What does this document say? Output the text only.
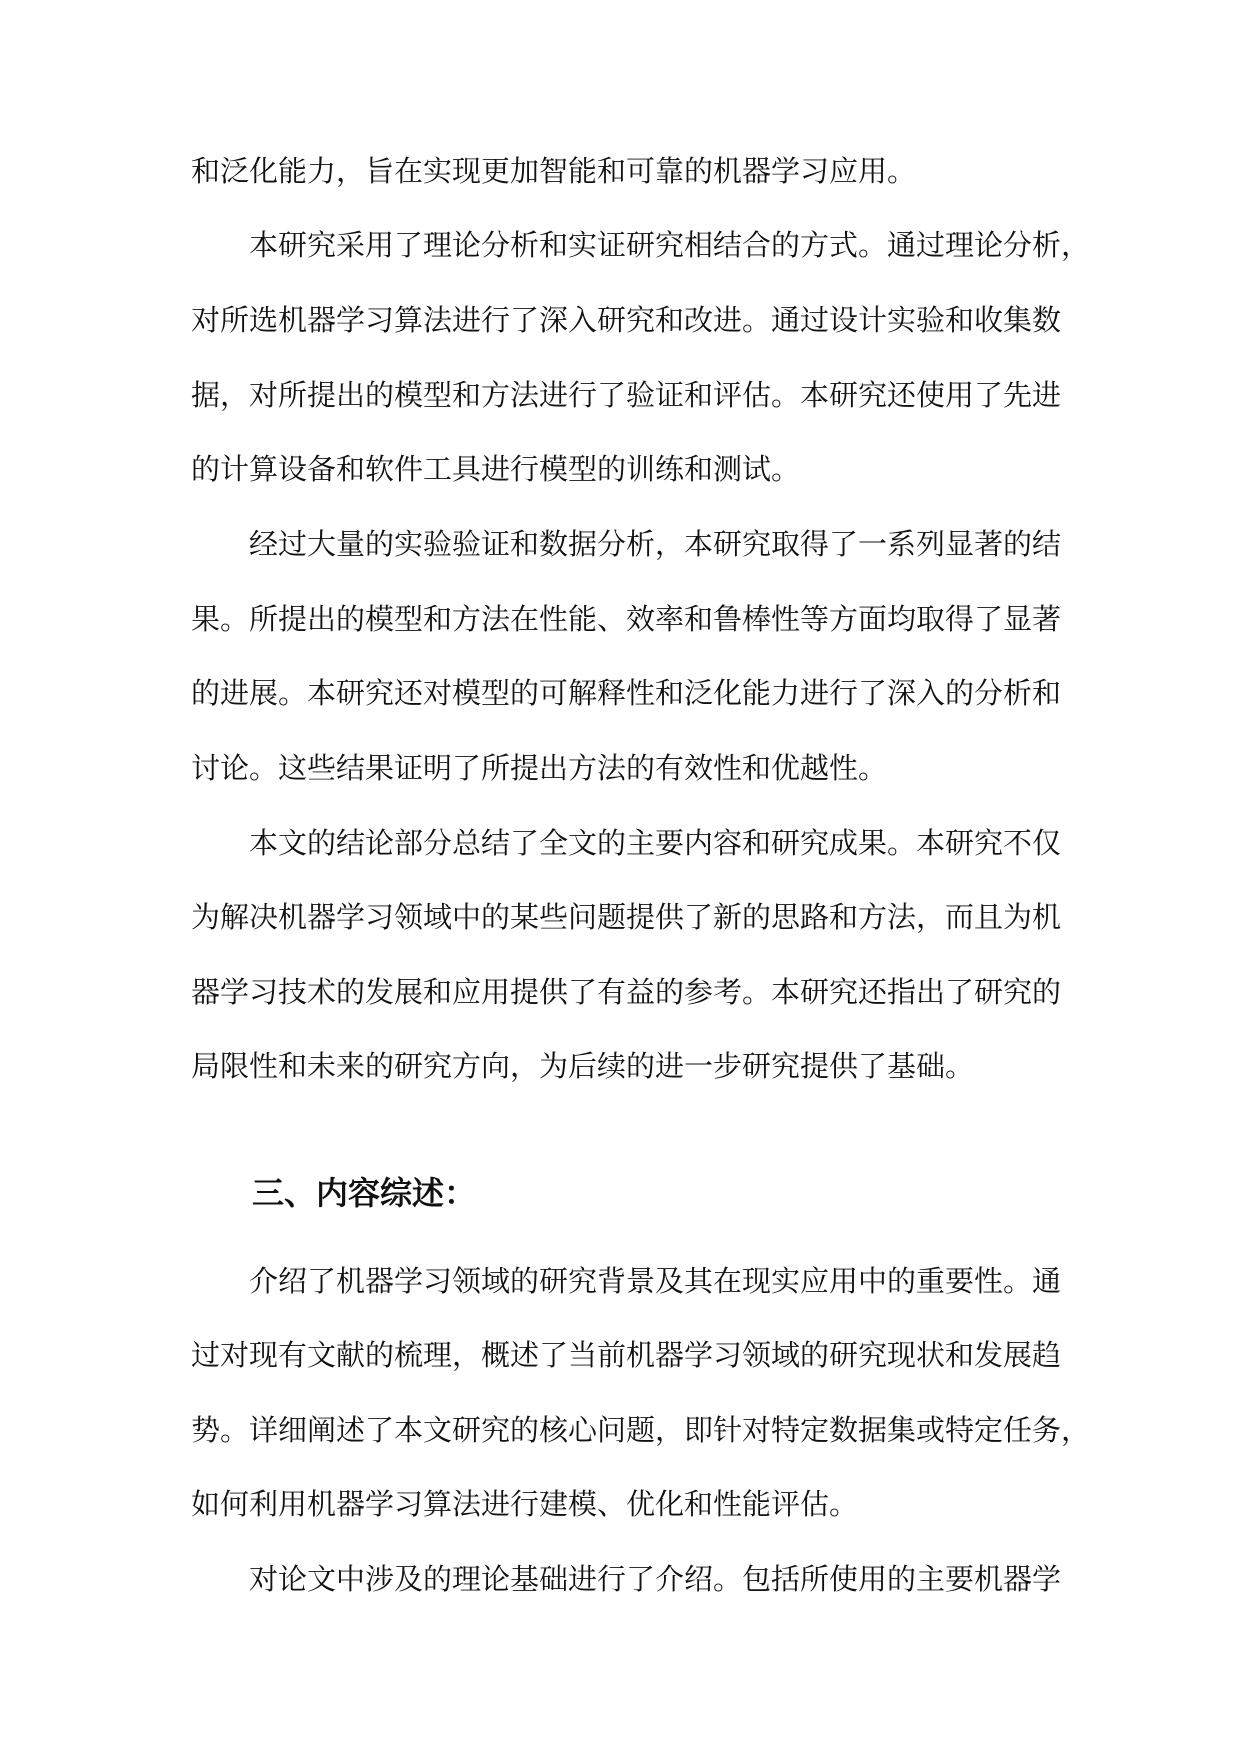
和泛化能力，旨在实现更加智能和可靠的机器学习应用。
本研究采用了理论分析和实证研究相结合的方式。通过理论分析，
对所选机器学习算法进行了深入研究和改进。通过设计实验和收集数
据，对所提出的模型和方法进行了验证和评估。本研究还使用了先进
的计算设备和软件工具进行模型的训练和测试。
经过大量的实验验证和数据分析，本研究取得了一系列显著的结
果。所提出的模型和方法在性能、效率和鲁棒性等方面均取得了显著
的进展。本研究还对模型的可解释性和泛化能力进行了深入的分析和
讨论。这些结果证明了所提出方法的有效性和优越性。
本文的结论部分总结了全文的主要内容和研究成果。本研究不仅
为解决机器学习领域中的某些问题提供了新的思路和方法，而且为机
器学习技术的发展和应用提供了有益的参考。本研究还指出了研究的
局限性和未来的研究方向，为后续的进一步研究提供了基础。
三、内容综述：
介绍了机器学习领域的研究背景及其在现实应用中的重要性。通
过对现有文献的梳理，概述了当前机器学习领域的研究现状和发展趋
势。详细阐述了本文研究的核心问题，即针对特定数据集或特定任务，
如何利用机器学习算法进行建模、优化和性能评估。
对论文中涉及的理论基础进行了介绍。包括所使用的主要机器学
